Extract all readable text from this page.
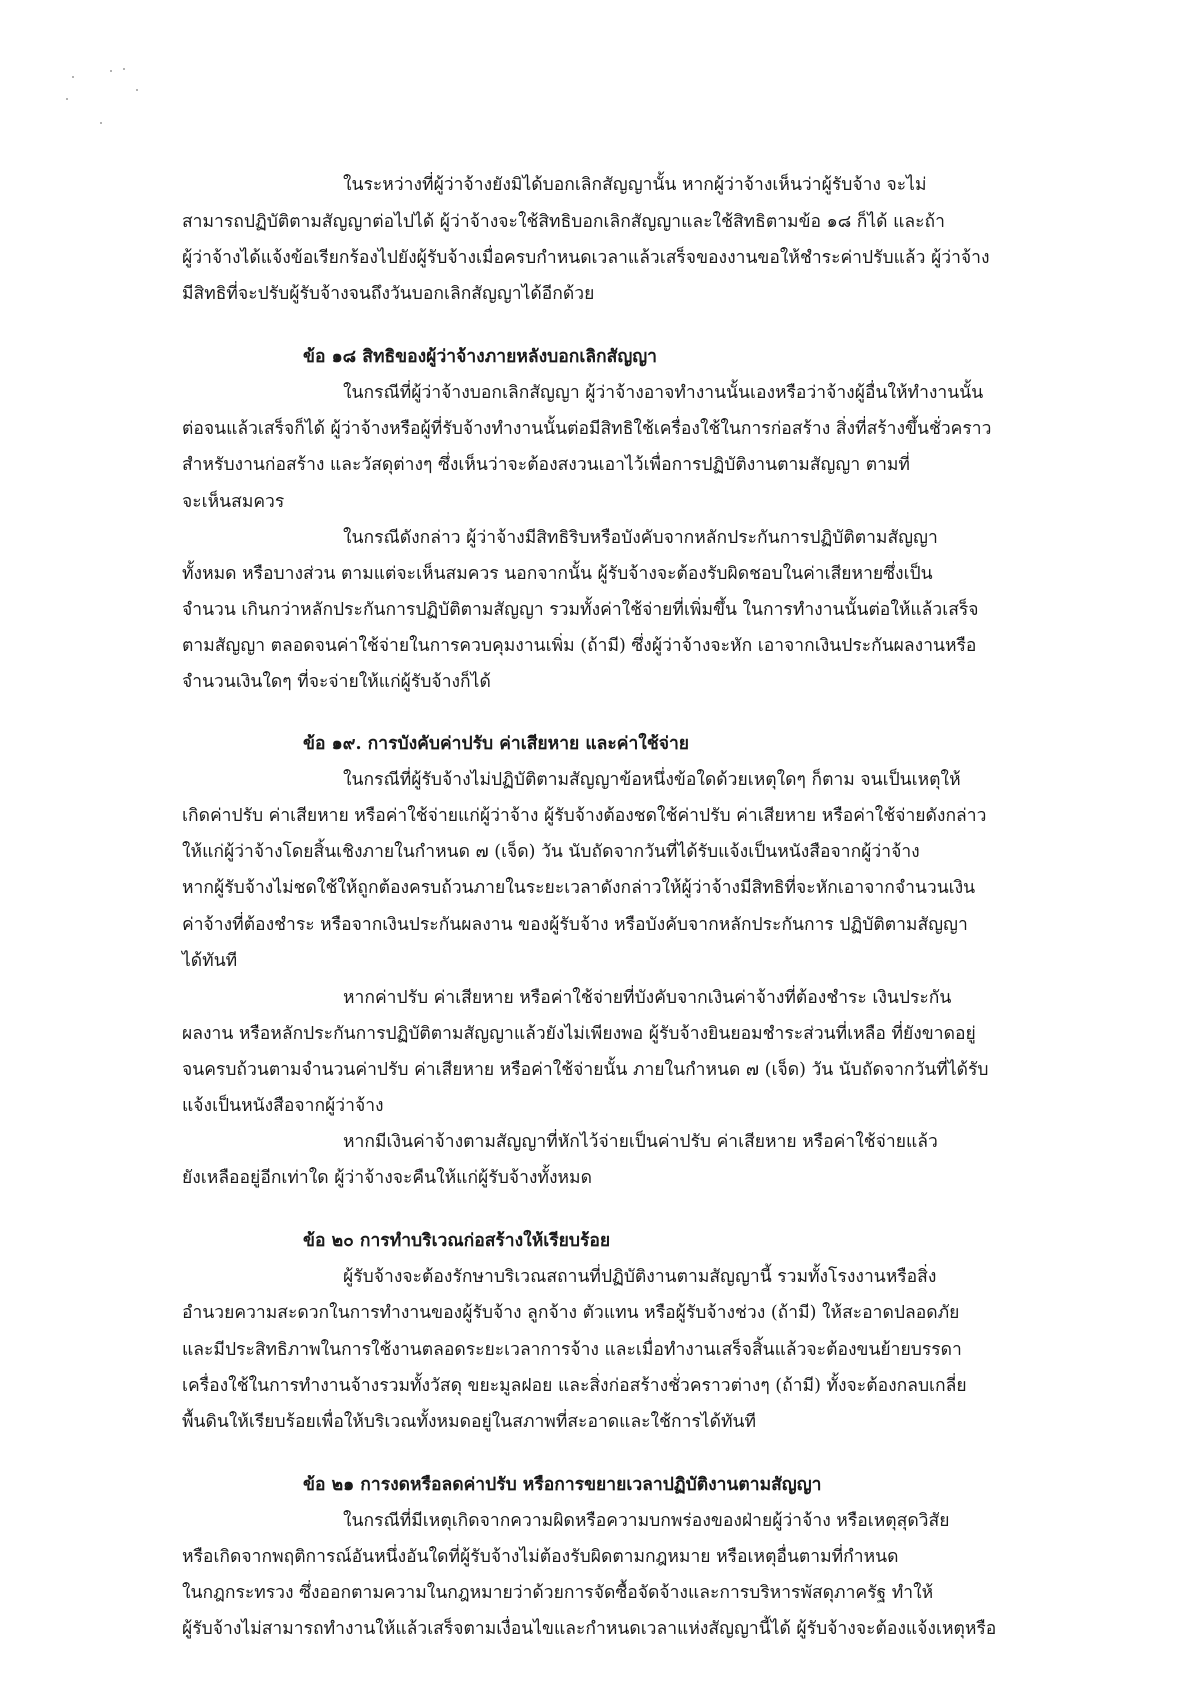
ในระหว่างที่ผู้ว่าจ้างยังมิได้บอกเลิกสัญญานั้น หากผู้ว่าจ้างเห็นว่าผู้รับจ้าง จะไม่
สามารถปฏิบัติตามสัญญาต่อไปได้ ผู้ว่าจ้างจะใช้สิทธิบอกเลิกสัญญาและใช้สิทธิตามข้อ ๑๘ ก็ได้ และถ้า
ผู้ว่าจ้างได้แจ้งข้อเรียกร้องไปยังผู้รับจ้างเมื่อครบกำหนดเวลาแล้วเสร็จของงานขอให้ชำระค่าปรับแล้ว ผู้ว่าจ้าง
มีสิทธิที่จะปรับผู้รับจ้างจนถึงวันบอกเลิกสัญญาได้อีกด้วย
ข้อ ๑๘ สิทธิของผู้ว่าจ้างภายหลังบอกเลิกสัญญา
ในกรณีที่ผู้ว่าจ้างบอกเลิกสัญญา ผู้ว่าจ้างอาจทำงานนั้นเองหรือว่าจ้างผู้อื่นให้ทำงานนั้น
ต่อจนแล้วเสร็จก็ได้ ผู้ว่าจ้างหรือผู้ที่รับจ้างทำงานนั้นต่อมีสิทธิใช้เครื่องใช้ในการก่อสร้าง สิ่งที่สร้างขึ้นชั่วคราว
สำหรับงานก่อสร้าง และวัสดุต่างๆ ซึ่งเห็นว่าจะต้องสงวนเอาไว้เพื่อการปฏิบัติงานตามสัญญา ตามที่
จะเห็นสมควร
ในกรณีดังกล่าว ผู้ว่าจ้างมีสิทธิริบหรือบังคับจากหลักประกันการปฏิบัติตามสัญญา
ทั้งหมด หรือบางส่วน ตามแต่จะเห็นสมควร นอกจากนั้น ผู้รับจ้างจะต้องรับผิดชอบในค่าเสียหายซึ่งเป็น
จำนวน เกินกว่าหลักประกันการปฏิบัติตามสัญญา รวมทั้งค่าใช้จ่ายที่เพิ่มขึ้น ในการทำงานนั้นต่อให้แล้วเสร็จ
ตามสัญญา ตลอดจนค่าใช้จ่ายในการควบคุมงานเพิ่ม (ถ้ามี) ซึ่งผู้ว่าจ้างจะหัก เอาจากเงินประกันผลงานหรือ
จำนวนเงินใดๆ ที่จะจ่ายให้แก่ผู้รับจ้างก็ได้
ข้อ ๑๙. การบังคับค่าปรับ ค่าเสียหาย และค่าใช้จ่าย
ในกรณีที่ผู้รับจ้างไม่ปฏิบัติตามสัญญาข้อหนึ่งข้อใดด้วยเหตุใดๆ ก็ตาม จนเป็นเหตุให้
เกิดค่าปรับ ค่าเสียหาย หรือค่าใช้จ่ายแก่ผู้ว่าจ้าง ผู้รับจ้างต้องชดใช้ค่าปรับ ค่าเสียหาย หรือค่าใช้จ่ายดังกล่าว
ให้แก่ผู้ว่าจ้างโดยสิ้นเชิงภายในกำหนด ๗ (เจ็ด) วัน นับถัดจากวันที่ได้รับแจ้งเป็นหนังสือจากผู้ว่าจ้าง
หากผู้รับจ้างไม่ชดใช้ให้ถูกต้องครบถ้วนภายในระยะเวลาดังกล่าวให้ผู้ว่าจ้างมีสิทธิที่จะหักเอาจากจำนวนเงิน
ค่าจ้างที่ต้องชำระ หรือจากเงินประกันผลงาน ของผู้รับจ้าง หรือบังคับจากหลักประกันการ ปฏิบัติตามสัญญา
ได้ทันที
หากค่าปรับ ค่าเสียหาย หรือค่าใช้จ่ายที่บังคับจากเงินค่าจ้างที่ต้องชำระ เงินประกัน
ผลงาน หรือหลักประกันการปฏิบัติตามสัญญาแล้วยังไม่เพียงพอ ผู้รับจ้างยินยอมชำระส่วนที่เหลือ ที่ยังขาดอยู่
จนครบถ้วนตามจำนวนค่าปรับ ค่าเสียหาย หรือค่าใช้จ่ายนั้น ภายในกำหนด ๗ (เจ็ด) วัน นับถัดจากวันที่ได้รับ
แจ้งเป็นหนังสือจากผู้ว่าจ้าง
หากมีเงินค่าจ้างตามสัญญาที่หักไว้จ่ายเป็นค่าปรับ ค่าเสียหาย หรือค่าใช้จ่ายแล้ว
ยังเหลืออยู่อีกเท่าใด ผู้ว่าจ้างจะคืนให้แก่ผู้รับจ้างทั้งหมด
ข้อ ๒๐ การทำบริเวณก่อสร้างให้เรียบร้อย
ผู้รับจ้างจะต้องรักษาบริเวณสถานที่ปฏิบัติงานตามสัญญานี้ รวมทั้งโรงงานหรือสิ่ง
อำนวยความสะดวกในการทำงานของผู้รับจ้าง ลูกจ้าง ตัวแทน หรือผู้รับจ้างช่วง (ถ้ามี) ให้สะอาดปลอดภัย
และมีประสิทธิภาพในการใช้งานตลอดระยะเวลาการจ้าง และเมื่อทำงานเสร็จสิ้นแล้วจะต้องขนย้ายบรรดา
เครื่องใช้ในการทำงานจ้างรวมทั้งวัสดุ ขยะมูลฝอย และสิ่งก่อสร้างชั่วคราวต่างๆ (ถ้ามี) ทั้งจะต้องกลบเกลี่ย
พื้นดินให้เรียบร้อยเพื่อให้บริเวณทั้งหมดอยู่ในสภาพที่สะอาดและใช้การได้ทันที
ข้อ ๒๑ การงดหรือลดค่าปรับ หรือการขยายเวลาปฏิบัติงานตามสัญญา
ในกรณีที่มีเหตุเกิดจากความผิดหรือความบกพร่องของฝ่ายผู้ว่าจ้าง หรือเหตุสุดวิสัย
หรือเกิดจากพฤติการณ์อันหนึ่งอันใดที่ผู้รับจ้างไม่ต้องรับผิดตามกฎหมาย หรือเหตุอื่นตามที่กำหนด
ในกฎกระทรวง ซึ่งออกตามความในกฎหมายว่าด้วยการจัดซื้อจัดจ้างและการบริหารพัสดุภาครัฐ ทำให้
ผู้รับจ้างไม่สามารถทำงานให้แล้วเสร็จตามเงื่อนไขและกำหนดเวลาแห่งสัญญานี้ได้ ผู้รับจ้างจะต้องแจ้งเหตุหรือ
